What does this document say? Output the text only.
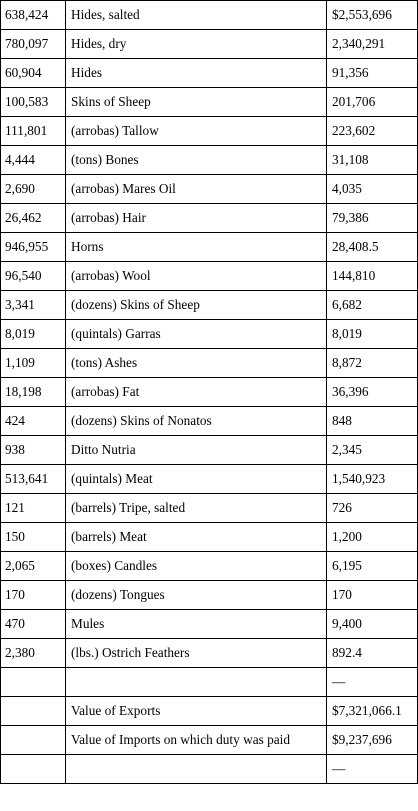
638,424	Hides, salted	$2,553,696
780,097	Hides, dry	2,340,291
60,904	Hides	91,356
100,583	Skins of Sheep	201,706
111,801	(arrobas) Tallow	223,602
4,444	(tons) Bones	31,108
2,690	(arrobas) Mares Oil	4,035
26,462	(arrobas) Hair	79,386
946,955	Horns	28,408.5
96,540	(arrobas) Wool	144,810
3,341	(dozens) Skins of Sheep	6,682
8,019	(quintals) Garras	8,019
1,109	(tons) Ashes	8,872
18,198	(arrobas) Fat	36,396
424	(dozens) Skins of Nonatos	848
938	Ditto Nutria	2,345
513,641	(quintals) Meat	1,540,923
121	(barrels) Tripe, salted	726
150	(barrels) Meat	1,200
2,065	(boxes) Candles	6,195
170	(dozens) Tongues	170
470	Mules	9,400
2,380	(lbs.) Ostrich Feathers	892.4
		—
	Value of Exports	$7,321,066.1
	Value of Imports on which duty was paid	$9,237,696
		—
